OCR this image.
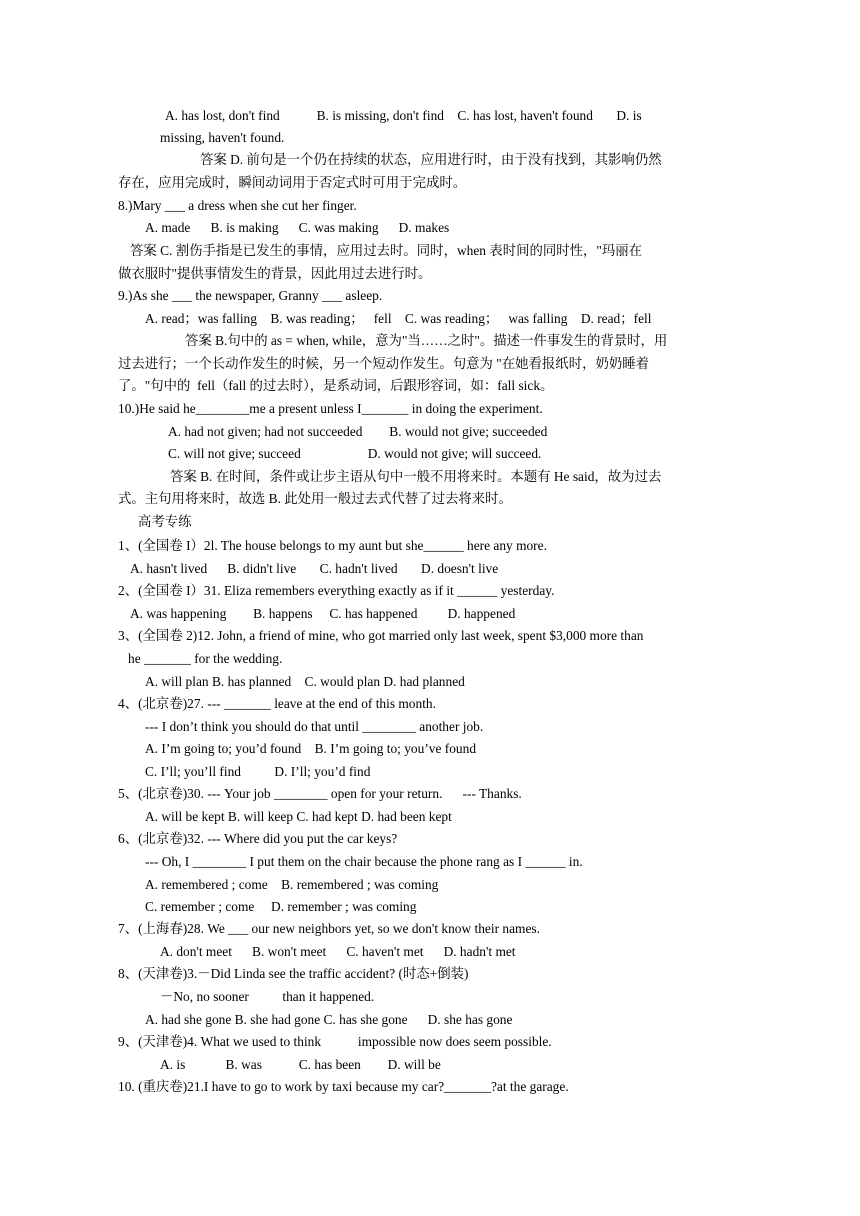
A. has lost, don't find           B. is missing, don't find    C. has lost, haven't found       D. is
missing, haven't found.
答案 D. 前句是一个仍在持续的状态，应用进行时，由于没有找到，其影响仍然
存在，应用完成时，瞬间动词用于否定式时可用于完成时。
8.)Mary ___ a dress when she cut her finger.
A. made      B. is making      C. was making      D. makes
答案 C. 割伤手指是已发生的事情，应用过去时。同时，when 表时间的同时性，"玛丽在
做衣服时"提供事情发生的背景，因此用过去进行时。
9.)As she ___ the newspaper, Granny ___ asleep.
A. read；was falling    B. was reading；   fell    C. was reading；   was falling    D. read；fell
答案 B.句中的 as = when, while，意为"当……之时"。描述一件事发生的背景时，用
过去进行；一个长动作发生的时候，另一个短动作发生。句意为 "在她看报纸时，奶奶睡着
了。"句中的  fell（fall 的过去时），是系动词，后跟形容词，如：fall sick。
10.)He said he________me a present unless I_______ in doing the experiment.
A. had not given; had not succeeded        B. would not give; succeeded
C. will not give; succeed                    D. would not give; will succeed.
答案 B. 在时间，条件或让步主语从句中一般不用将来时。本题有 He said，故为过去
式。主句用将来时，故选 B. 此处用一般过去式代替了过去将来时。
高考专练
1、(全国卷 I）2l. The house belongs to my aunt but she______ here any more.
A. hasn't lived      B. didn't live       C. hadn't lived       D. doesn't live
2、(全国卷 I）31. Eliza remembers everything exactly as if it ______ yesterday.
A. was happening        B. happens     C. has happened         D. happened
3、(全国卷 2)12. John, a friend of mine, who got married only last week, spent $3,000 more than
he _______ for the wedding.
A. will plan B. has planned    C. would plan D. had planned
4、(北京卷)27. --- _______ leave at the end of this month.
--- I don’t think you should do that until ________ another job.
A. I’m going to; you’d found    B. I’m going to; you’ve found
C. I’ll; you’ll find          D. I’ll; you’d find
5、(北京卷)30. --- Your job ________ open for your return.      --- Thanks.
A. will be kept B. will keep C. had kept D. had been kept
6、(北京卷)32. --- Where did you put the car keys?
--- Oh, I ________ I put them on the chair because the phone rang as I ______ in.
A. remembered ; come    B. remembered ; was coming
C. remember ; come     D. remember ; was coming
7、(上海春)28. We ___ our new neighbors yet, so we don't know their names.
A. don't meet      B. won't meet      C. haven't met      D. hadn't met
8、(天津卷)3.－Did Linda see the traffic accident? (时态+倒装)
－No, no sooner          than it happened.
A. had she gone B. she had gone C. has she gone      D. she has gone
9、(天津卷)4. What we used to think           impossible now does seem possible.
A. is            B. was           C. has been        D. will be
10. (重庆卷)21.I have to go to work by taxi because my car?_______?at the garage.
